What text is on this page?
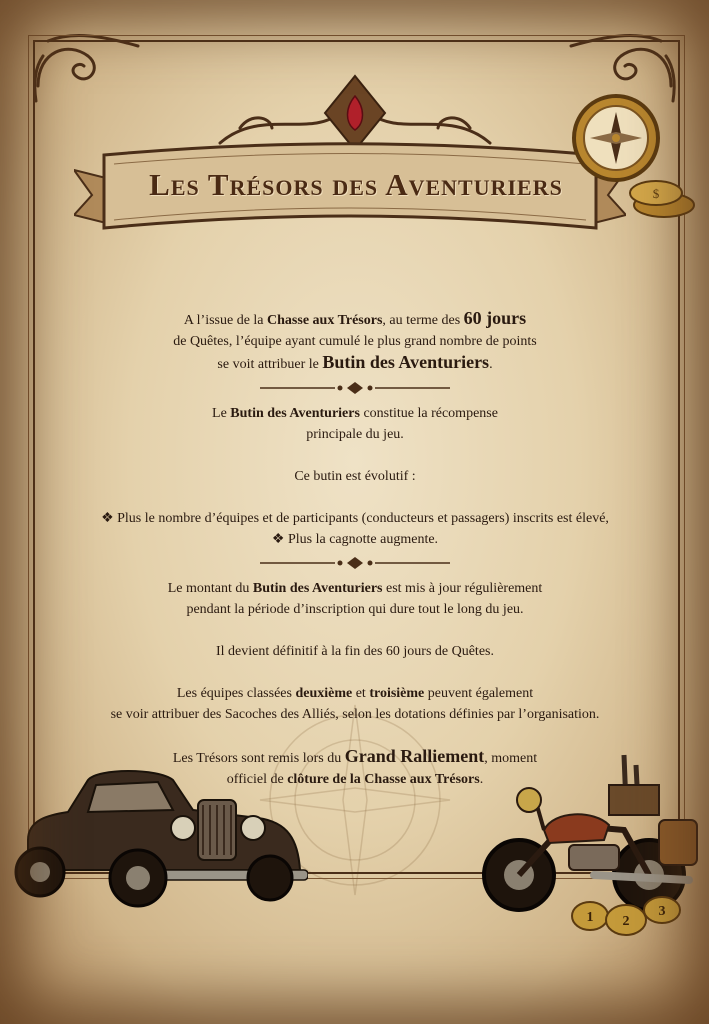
Les Trésors des Aventuriers	$

A l’issue de la Chasse aux Trésors, au terme des 60 jours
de Quêtes, l’équipe ayant cumulé le plus grand nombre de points
se voit attribuer le Butin des Aventuriers.

Le Butin des Aventuriers constitue la récompense
principale du jeu.

Ce butin est évolutif :

❖ Plus le nombre d’équipes et de participants (conducteurs et passagers) inscrits est élevé,

❖ Plus la cagnotte augmente.

Le montant du Butin des Aventuriers est mis à jour régulièrement
pendant la période d’inscription qui dure tout le long du jeu.

Il devient définitif à la fin des 60 jours de Quêtes.

Les équipes classées deuxième et troisième peuvent également
se voir attribuer des Sacoches des Alliés, selon les dotations définies par l’organisation.

Les Trésors sont remis lors du Grand Ralliement, moment
officiel de clôture de la Chasse aux Trésors.

1 2
3
